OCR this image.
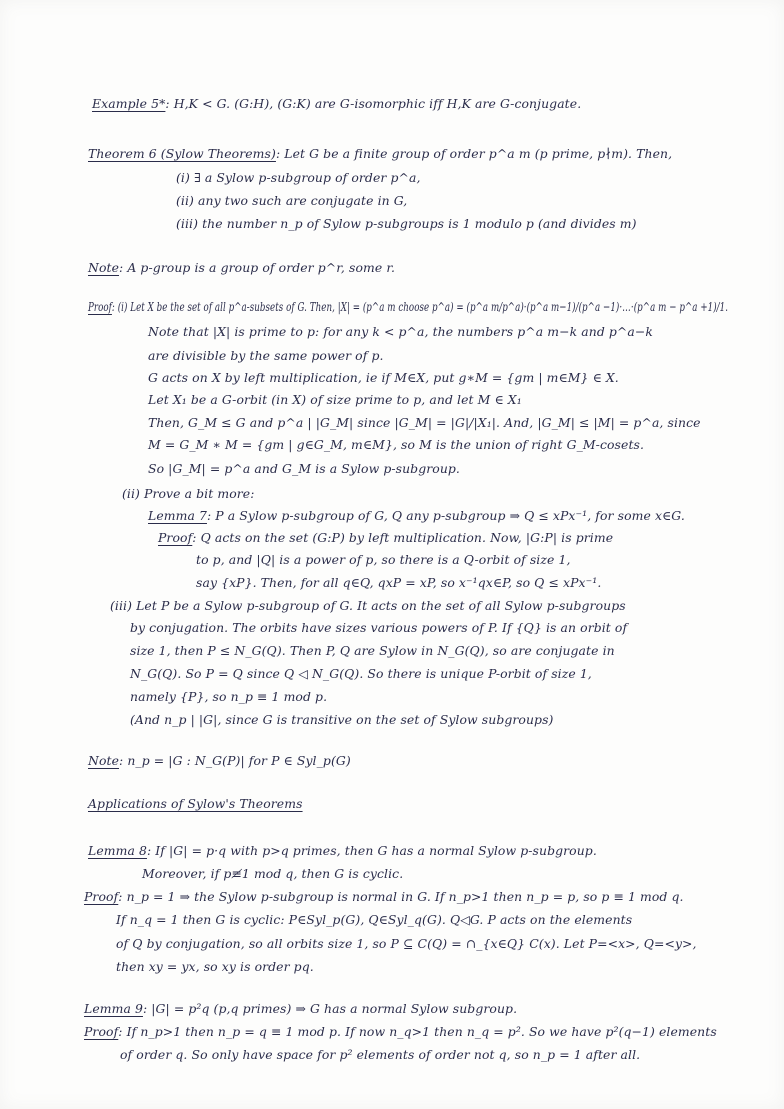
Example 5*: H,K < G. (G:H), (G:K) are G-isomorphic iff H,K are G-conjugate.
Theorem 6 (Sylow Theorems): Let G be a finite group of order p^a m (p prime, p∤m). Then,
(i) ∃ a Sylow p-subgroup of order p^a,
(ii) any two such are conjugate in G,
(iii) the number n_p of Sylow p-subgroups is 1 modulo p (and divides m)
Note: A p-group is a group of order p^r, some r.
Proof: (i) Let X be the set of all p^a-subsets of G. Then, |X| = (p^a m choose p^a) = (p^a m/p^a)·(p^a m−1)/(p^a −1)·…·(p^a m − p^a +1)/1.
Note that |X| is prime to p: for any k < p^a, the numbers p^a m−k and p^a−k
are divisible by the same power of p.
G acts on X by left multiplication, ie if M∈X, put g∗M = {gm | m∈M} ∈ X.
Let X₁ be a G-orbit (in X) of size prime to p, and let M ∈ X₁
Then, G_M ≤ G and p^a | |G_M| since |G_M| = |G|/|X₁|. And, |G_M| ≤ |M| = p^a, since
M = G_M ∗ M = {gm | g∈G_M, m∈M}, so M is the union of right G_M-cosets.
So |G_M| = p^a and G_M is a Sylow p-subgroup.
(ii) Prove a bit more:
Lemma 7: P a Sylow p-subgroup of G, Q any p-subgroup ⇒ Q ≤ xPx⁻¹, for some x∈G.
Proof: Q acts on the set (G:P) by left multiplication. Now, |G:P| is prime
to p, and |Q| is a power of p, so there is a Q-orbit of size 1,
say {xP}. Then, for all q∈Q, qxP = xP, so x⁻¹qx∈P, so Q ≤ xPx⁻¹.
(iii) Let P be a Sylow p-subgroup of G. It acts on the set of all Sylow p-subgroups
by conjugation. The orbits have sizes various powers of P. If {Q} is an orbit of
size 1, then P ≤ N_G(Q). Then P, Q are Sylow in N_G(Q), so are conjugate in
N_G(Q). So P = Q since Q ◁ N_G(Q). So there is unique P-orbit of size 1,
namely {P}, so n_p ≡ 1 mod p.
(And n_p | |G|, since G is transitive on the set of Sylow subgroups)
Note: n_p = |G : N_G(P)| for P ∈ Syl_p(G)
Applications of Sylow's Theorems
Lemma 8: If |G| = p·q with p>q primes, then G has a normal Sylow p-subgroup.
Moreover, if p≢1 mod q, then G is cyclic.
Proof: n_p = 1 ⇒ the Sylow p-subgroup is normal in G. If n_p>1 then n_p = p, so p ≡ 1 mod q.
If n_q = 1 then G is cyclic: P∈Syl_p(G), Q∈Syl_q(G). Q◁G. P acts on the elements
of Q by conjugation, so all orbits size 1, so P ⊆ C(Q) = ∩_{x∈Q} C(x). Let P=<x>, Q=<y>,
then xy = yx, so xy is order pq.
Lemma 9: |G| = p²q (p,q primes) ⇒ G has a normal Sylow subgroup.
Proof: If n_p>1 then n_p = q ≡ 1 mod p. If now n_q>1 then n_q = p². So we have p²(q−1) elements
of order q. So only have space for p² elements of order not q, so n_p = 1 after all.
